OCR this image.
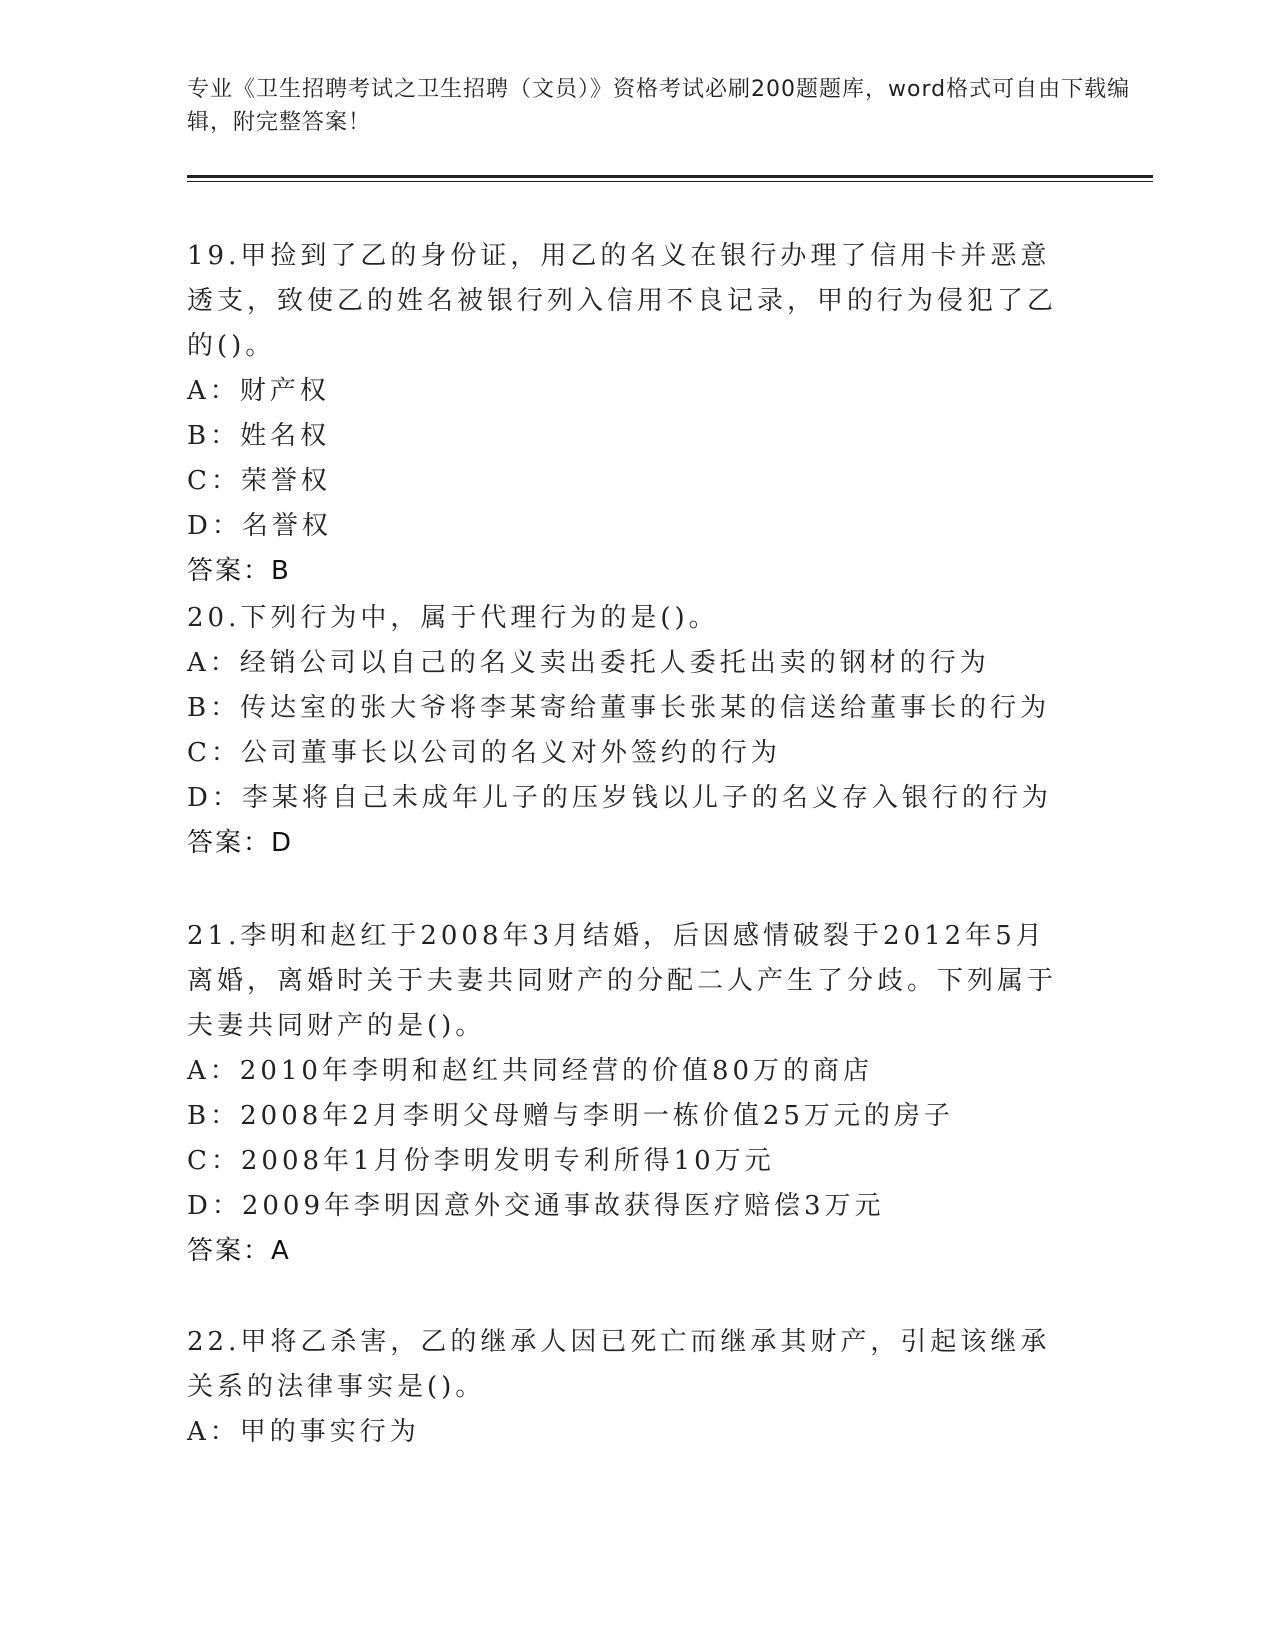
专业《卫生招聘考试之卫生招聘（文员）》资格考试必刷200题题库，word格式可自由下载编辑，附完整答案！

19.甲捡到了乙的身份证，用乙的名义在银行办理了信用卡并恶意透支，致使乙的姓名被银行列入信用不良记录，甲的行为侵犯了乙的()。

A：财产权

B：姓名权

C：荣誉权

D：名誉权

答案：B

20.下列行为中，属于代理行为的是()。

A：经销公司以自己的名义卖出委托人委托出卖的钢材的行为

B：传达室的张大爷将李某寄给董事长张某的信送给董事长的行为

C：公司董事长以公司的名义对外签约的行为

D：李某将自己未成年儿子的压岁钱以儿子的名义存入银行的行为

答案：D

21.李明和赵红于2008年3月结婚，后因感情破裂于2012年5月离婚，离婚时关于夫妻共同财产的分配二人产生了分歧。下列属于夫妻共同财产的是()。

A：2010年李明和赵红共同经营的价值80万的商店

B：2008年2月李明父母赠与李明一栋价值25万元的房子

C：2008年1月份李明发明专利所得10万元

D：2009年李明因意外交通事故获得医疗赔偿3万元

答案：A

22.甲将乙杀害，乙的继承人因已死亡而继承其财产，引起该继承关系的法律事实是()。

A：甲的事实行为
